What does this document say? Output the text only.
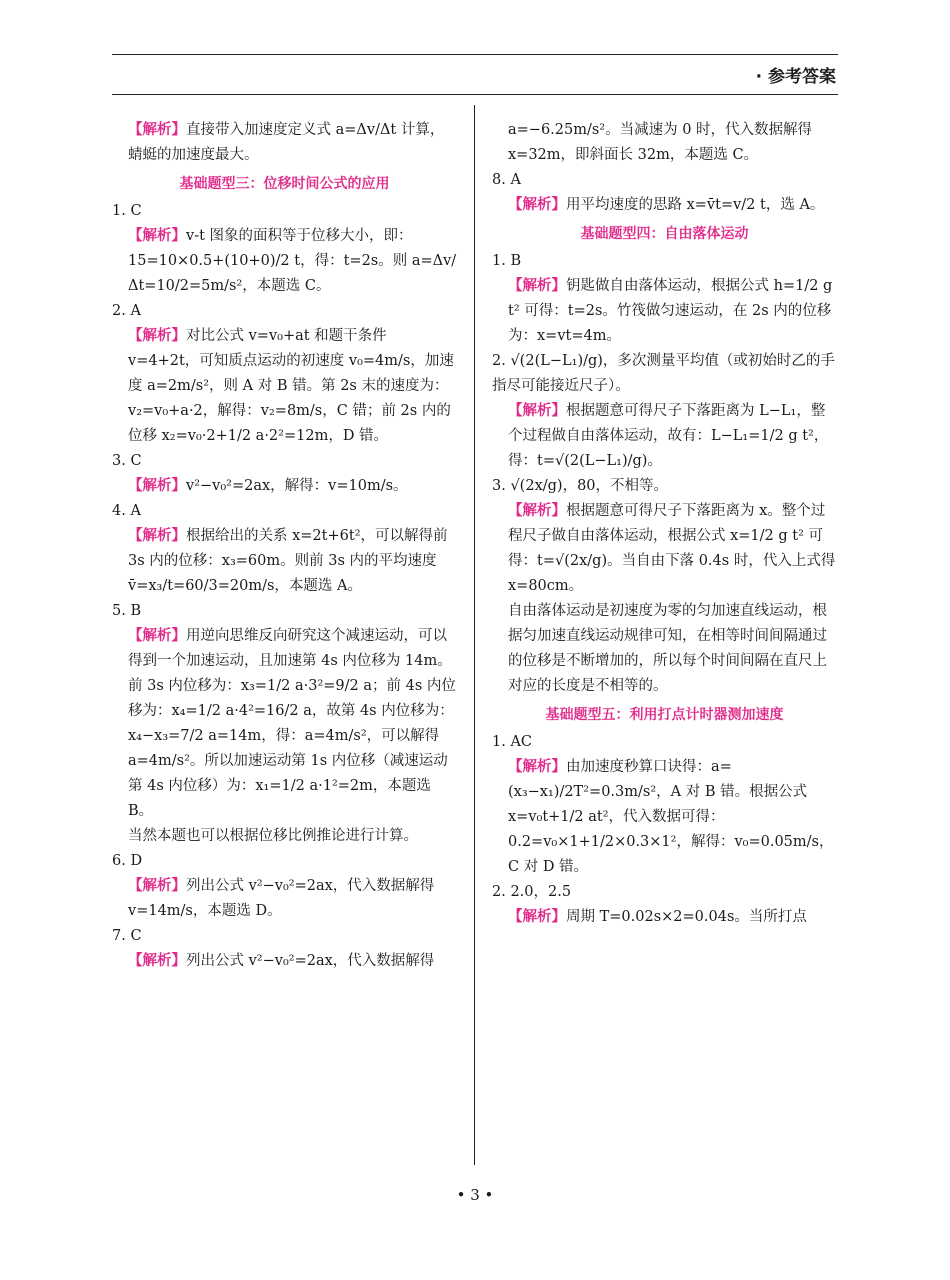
· 参考答案
【解析】直接带入加速度定义式 a=Δv/Δt 计算，蜻蜓的加速度最大。
基础题型三：位移时间公式的应用
1. C
【解析】v-t 图象的面积等于位移大小，即：15=10×0.5+(10+0)/2 t，得：t=2s。则 a=Δv/Δt=10/2=5m/s²，本题选 C。
2. A
【解析】对比公式 v=v₀+at 和题干条件 v=4+2t，可知质点运动的初速度 v₀=4m/s，加速度 a=2m/s²，则 A 对 B 错。第 2s 末的速度为：v₂=v₀+a·2，解得：v₂=8m/s，C 错；前 2s 内的位移 x₂=v₀·2+1/2 a·2²=12m，D 错。
3. C
【解析】v²−v₀²=2ax，解得：v=10m/s。
4. A
【解析】根据给出的关系 x=2t+6t²，可以解得前 3s 内的位移：x₃=60m。则前 3s 内的平均速度 v̄=x₃/t=60/3=20m/s，本题选 A。
5. B
【解析】用逆向思维反向研究这个减速运动，可以得到一个加速运动，且加速第 4s 内位移为 14m。前 3s 内位移为：x₃=1/2 a·3²=9/2 a；前 4s 内位移为：x₄=1/2 a·4²=16/2 a，故第 4s 内位移为：x₄−x₃=7/2 a=14m，得：a=4m/s²，可以解得 a=4m/s²。所以加速运动第 1s 内位移（减速运动第 4s 内位移）为：x₁=1/2 a·1²=2m，本题选 B。
当然本题也可以根据位移比例推论进行计算。
6. D
【解析】列出公式 v²−v₀²=2ax，代入数据解得 v=14m/s，本题选 D。
7. C
【解析】列出公式 v²−v₀²=2ax，代入数据解得
a=−6.25m/s²。当减速为 0 时，代入数据解得 x=32m，即斜面长 32m，本题选 C。
8. A
【解析】用平均速度的思路 x=v̄t=v/2 t，选 A。
基础题型四：自由落体运动
1. B
【解析】钥匙做自由落体运动，根据公式 h=1/2 g t² 可得：t=2s。竹筏做匀速运动，在 2s 内的位移为：x=vt=4m。
2. √(2(L−L₁)/g)，多次测量平均值（或初始时乙的手指尽可能接近尺子）。
【解析】根据题意可得尺子下落距离为 L−L₁，整个过程做自由落体运动，故有：L−L₁=1/2 g t²，得：t=√(2(L−L₁)/g)。
3. √(2x/g)，80，不相等。
【解析】根据题意可得尺子下落距离为 x。整个过程尺子做自由落体运动，根据公式 x=1/2 g t² 可得：t=√(2x/g)。当自由下落 0.4s 时，代入上式得 x=80cm。
自由落体运动是初速度为零的匀加速直线运动，根据匀加速直线运动规律可知，在相等时间间隔通过的位移是不断增加的，所以每个时间间隔在直尺上对应的长度是不相等的。
基础题型五：利用打点计时器测加速度
1. AC
【解析】由加速度秒算口诀得：a=(x₃−x₁)/2T²=0.3m/s²，A 对 B 错。根据公式 x=v₀t+1/2 at²，代入数据可得：0.2=v₀×1+1/2×0.3×1²，解得：v₀=0.05m/s，C 对 D 错。
2. 2.0，2.5
【解析】周期 T=0.02s×2=0.04s。当所打点
• 3 •
